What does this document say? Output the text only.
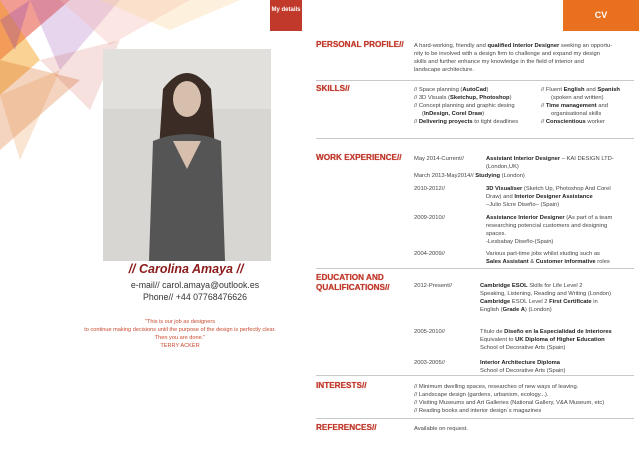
My details	CV
// Carolina Amaya //
e-mail// carol.amaya@outlook.es
Phone// +44 07768476626
"This is our job as designers
to continue making decisions until the purpose of the design is perfectly clear.
Then you are done."
TERRY ACKER
PERSONAL PROFILE//
SKILLS//
WORK EXPERIENCE//
EDUCATION AND
QUALIFICATIONS//
INTERESTS//
REFERENCES//
A hard-working, friendly and qualified Interior Designer seeking an opportu-
nity to be involved with a design firm to challenge and expand my design
skills and further enhance my knowledge in the field of interior and
landscape architecture.
// Space planning (AutoCad)
// 3D Visuals (Sketchup, Photoshop)
// Concept planning and graphic desing
(InDesign, Corel Draw)
// Delivering proyects to tight deadlines
// Fluent English and Spanish
(spoken and written)
// Time management and
organisational skills
// Conscientious worker
May 2014-Current//	Assistant Interior Designer – KAI DESIGN LTD-
(London,UK)
March 2013-May2014// Studying (London)
2010-2012//	3D Visualiser (Sketch Up, Photoshop And Corel
Draw) and Interior Designer Assistance
–Julio Sicre Diseño– (Spain)
2009-2010//	Assistance Interior Designer (As part of a team
researching potencial customers and designing
spaces.
-Lesbabay Diseño-(Spain)
2004-2009//	Various part-time jobs whilst studing such as
Sales Assistant & Customer informative roles
2012-Present//	Cambridge ESOL Skills for Life Level 2
Speaking, Listening, Reading and Writing (London)
Cambridge ESOL Level 2 First Certificate in
English (Grade A) (London)
2005-2010//	Título de Diseño en la Especialidad de Interiores
Equivalent to UK Diploma of Higher Education
School of Decorative Arts (Spain)
2003-2005//	Interior Architecture Diploma
School of Decorative Arts (Spain)
// Minimum dwelling spaces, researches of new ways of leaving.
// Landscape design (gardens, urbanism, ecology...).
// Visiting Museums and Art Galleries (National Gallery, V&A Museum, etc)
// Reading books and interior design´s magazines
Available on request.
